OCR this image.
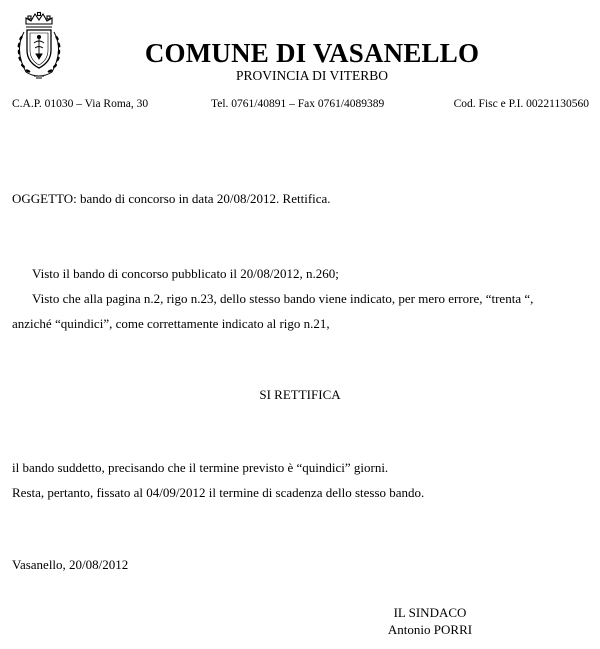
COMUNE DI VASANELLO
PROVINCIA DI VITERBO
C.A.P. 01030 – Via Roma, 30	Tel. 0761/40891 – Fax 0761/4089389	Cod. Fisc e P.I. 00221130560
OGGETTO: bando di concorso in data 20/08/2012. Rettifica.
Visto il bando di concorso pubblicato il 20/08/2012, n.260;
Visto che alla pagina n.2, rigo n.23, dello stesso bando viene indicato, per mero errore, “trenta “,
anziché “quindici”, come correttamente indicato al rigo n.21,
SI RETTIFICA
il bando suddetto, precisando che il termine previsto è “quindici” giorni.
Resta, pertanto, fissato al 04/09/2012 il termine di scadenza dello stesso bando.
Vasanello, 20/08/2012
IL SINDACO
Antonio PORRI
